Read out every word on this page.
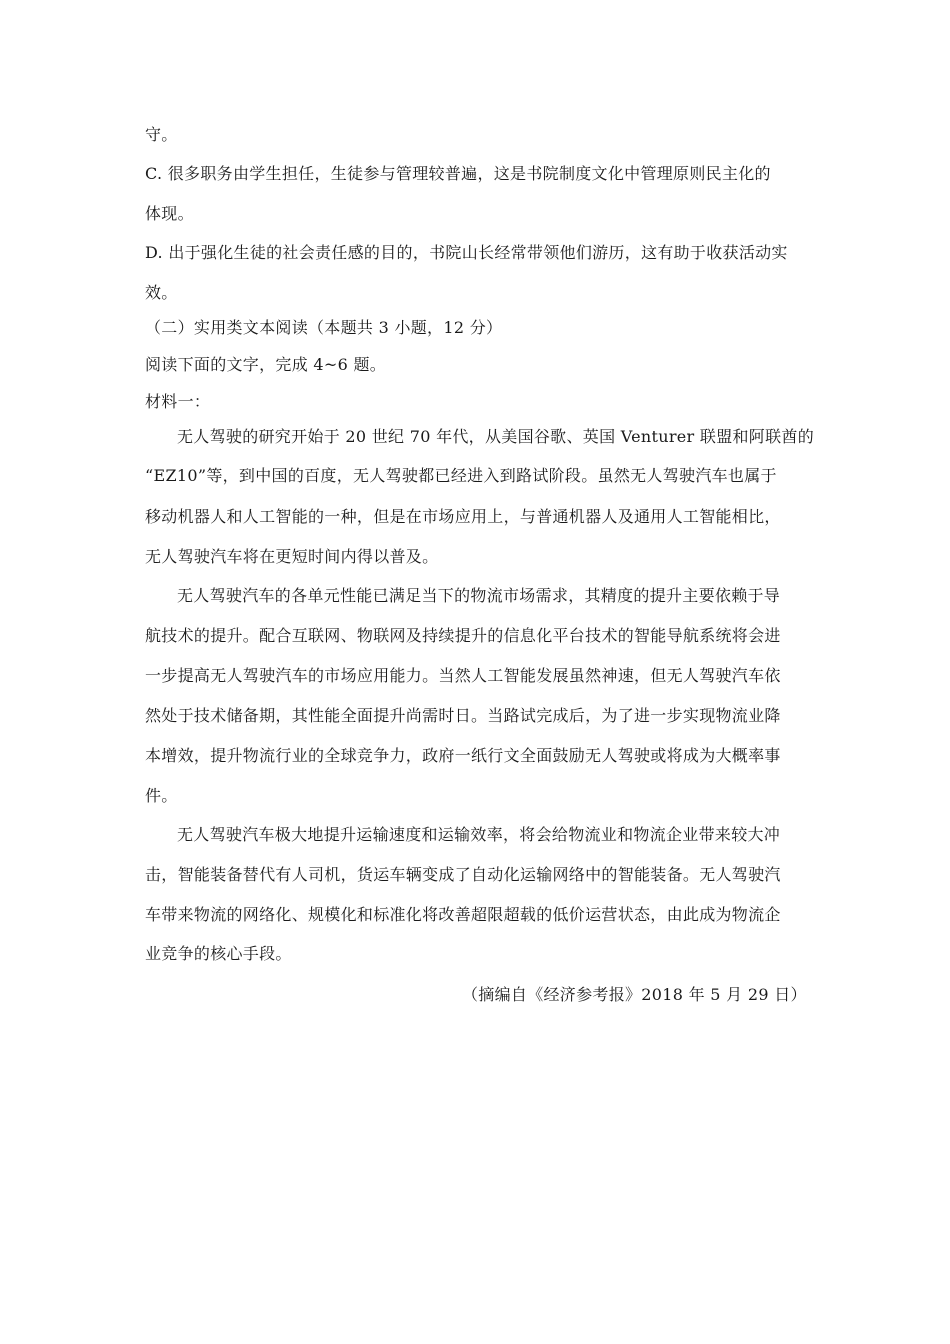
守。
C. 很多职务由学生担任，生徒参与管理较普遍，这是书院制度文化中管理原则民主化的
体现。
D. 出于强化生徒的社会责任感的目的，书院山长经常带领他们游历，这有助于收获活动实
效。
（二）实用类文本阅读（本题共 3 小题，12 分）
阅读下面的文字，完成 4~6 题。
材料一：
无人驾驶的研究开始于 20 世纪 70 年代，从美国谷歌、英国 Venturer 联盟和阿联酋的
“EZ10”等，到中国的百度，无人驾驶都已经进入到路试阶段。虽然无人驾驶汽车也属于
移动机器人和人工智能的一种，但是在市场应用上，与普通机器人及通用人工智能相比，
无人驾驶汽车将在更短时间内得以普及。
无人驾驶汽车的各单元性能已满足当下的物流市场需求，其精度的提升主要依赖于导
航技术的提升。配合互联网、物联网及持续提升的信息化平台技术的智能导航系统将会进
一步提高无人驾驶汽车的市场应用能力。当然人工智能发展虽然神速，但无人驾驶汽车依
然处于技术储备期，其性能全面提升尚需时日。当路试完成后，为了进一步实现物流业降
本增效，提升物流行业的全球竞争力，政府一纸行文全面鼓励无人驾驶或将成为大概率事
件。
无人驾驶汽车极大地提升运输速度和运输效率，将会给物流业和物流企业带来较大冲
击，智能装备替代有人司机，货运车辆变成了自动化运输网络中的智能装备。无人驾驶汽
车带来物流的网络化、规模化和标准化将改善超限超载的低价运营状态，由此成为物流企
业竞争的核心手段。
（摘编自《经济参考报》2018 年 5 月 29 日）
